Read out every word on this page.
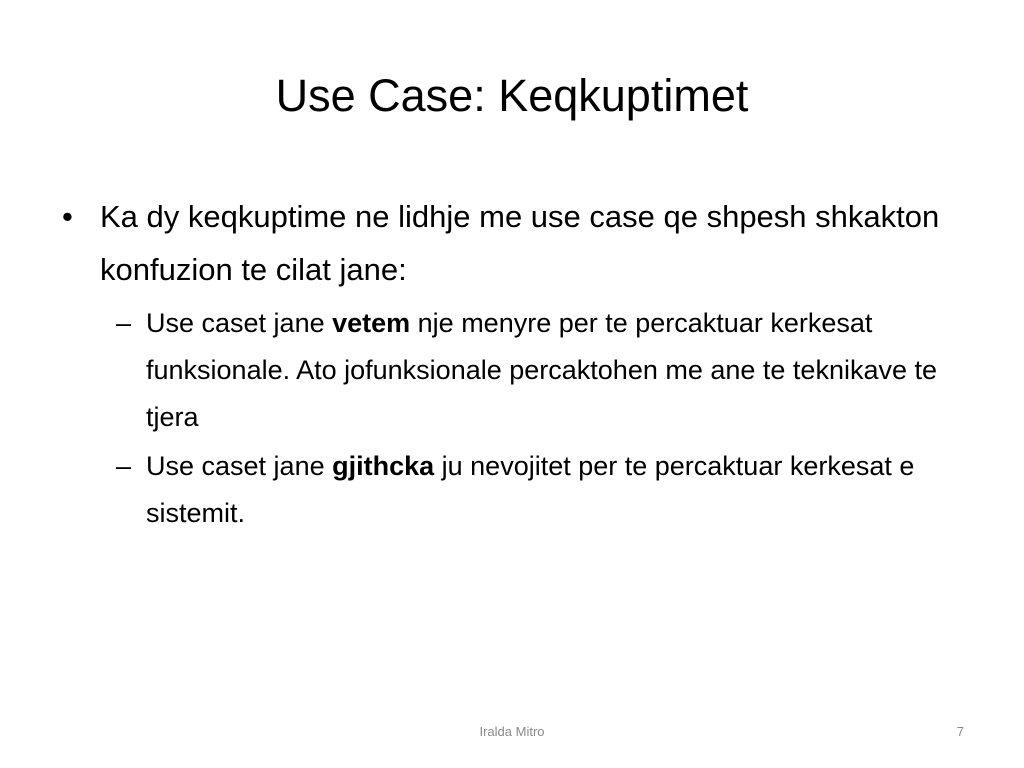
Use Case: Keqkuptimet
• Ka dy keqkuptime ne lidhje me use case qe shpesh shkakton konfuzion te cilat jane:
– Use caset jane vetem nje menyre per te percaktuar kerkesat funksionale. Ato jofunksionale percaktohen me ane te teknikave te tjera
– Use caset jane gjithcka ju nevojitet per te percaktuar kerkesat e sistemit.
Iralda Mitro	7
